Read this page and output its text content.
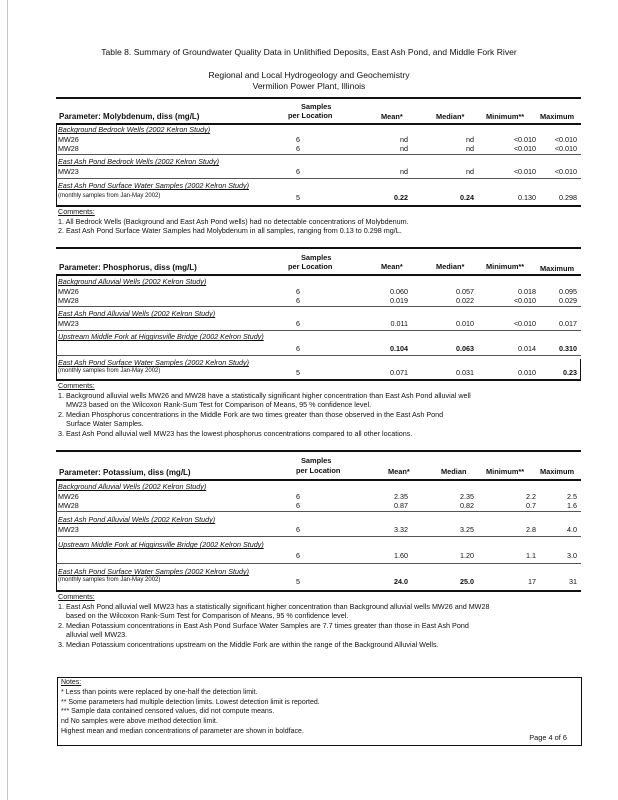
Table 8. Summary of Groundwater Quality Data in Unlithified Deposits, East Ash Pond, and Middle Fork River
Regional and Local Hydrogeology and Geochemistry
Vermilion Power Plant, Illinois
Samples
per Location
Parameter: Molybdenum, diss (mg/L)	Mean*	Median*	Minimum** Maximum
Background Bedrock Wells (2002 Kelron Study)
MW26	6	nd	nd	<0.010	<0.010
MW28	6	nd	nd	<0.010	<0.010
East Ash Pond Bedrock Wells (2002 Kelron Study)
MW23	6	nd	nd	<0.010	<0.010
East Ash Pond Surface Water Samples (2002 Kelron Study)
(monthly samples from Jan-May 2002)	5	0.22	0.24	0.130	0.298

Comments:

1. All Bedrock Wells (Background and East Ash Pond wells) had no detectable concentrations of Molybdenum.

2. East Ash Pond Surface Water Samples had Molybdenum in all samples, ranging from 0.13 to 0.298 mg/L.

Samples
per Location
Parameter: Phosphorus, diss (mg/L)	Mean*	Median*	Minimum** Maximum
Background Alluvial Wells (2002 Kelron Study)
MW26	6	0.060	0.057	0.018	0.095
MW28	6	0.019	0.022	<0.010	0.029
East Ash Pond Alluvial Wells (2002 Kelron Study)
MW23	6	0.011	0.010	<0.010	0.017
Upstream Middle Fork at Higginsville Bridge (2002 Kelron Study)
6	0.104	0.063	0.014	0.310
East Ash Pond Surface Water Samples (2002 Kelron Study)
(monthly samples from Jan-May 2002)	5	0.071	0.031	0.010	0.23

Comments:

1. Background alluvial wells MW26 and MW28 have a statistically significant higher concentration than East Ash Pond alluvial well

MW23 based on the Wilcoxon Rank-Sum Test for Comparison of Means, 95 % confidence level.

2. Median Phosphorus concentrations in the Middle Fork are two times greater than those observed in the East Ash Pond

Surface Water Samples.

3. East Ash Pond alluvial well MW23 has the lowest phosphorus concentrations compared to all other locations.

Samples
per Location
Parameter: Potassium, diss (mg/L)	Mean*	Median	Minimum** Maximum
Background Alluvial Wells (2002 Kelron Study)
MW26	6	2.35	2.35	2.2	2.5
MW28	6	0.87	0.82	0.7	1.6
East Ash Pond Alluvial Wells (2002 Kelron Study)
MW23	6	3.32	3.25	2.8	4.0
Upstream Middle Fork at Higginsville Bridge (2002 Kelron Study)
6	1.60	1.20	1.1	3.0
East Ash Pond Surface Water Samples (2002 Kelron Study)
(monthly samples from Jan-May 2002)	5	24.0	25.0	17	31

Comments:

1. East Ash Pond alluvial well MW23 has a statistically significant higher concentration than Background alluvial wells MW26 and MW28

based on the Wilcoxon Rank-Sum Test for Comparison of Means, 95 % confidence level.

2. Median Potassium concentrations in East Ash Pond Surface Water Samples are 7.7 times greater than those in East Ash Pond

alluvial well MW23.

3. Median Potassium concentrations upstream on the Middle Fork are within the range of the Background Alluvial Wells.

Notes:

* Less than points were replaced by one-half the detection limit.

** Some parameters had multiple detection limits. Lowest detection limit is reported.

*** Sample data contained censored values, did not compute means.

nd No samples were above method detection limit.

Highest mean and median concentrations of parameter are shown in boldface.

Page 4 of 6
